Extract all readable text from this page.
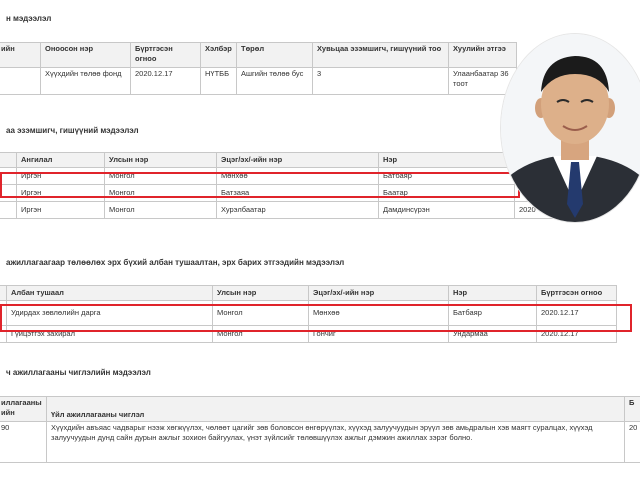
н мэдээлэл
ийн	Оноосон нэр	Бүртгэсэн огноо	Хэлбэр	Төрөл	Хувьцаа эзэмшигч, гишүүний тоо	Хуулийн этгээ
	Хүүхдийн төлөө фонд	2020.12.17	НҮТББ	Ашгийн төлөө бус	3	Улаанбаатар 36 тоот
аа эзэмшигч, гишүүний мэдээлэл
	Ангилал	Улсын нэр	Эцэг/эх/-ийн нэр	Нэр	
	Иргэн	Монгол	Мөнхөө	Батбаяр	
	Иргэн	Монгол	Батзаяа	Баатар	
	Иргэн	Монгол	Хурэлбаатар	Дамдинсүрэн	2020
ажиллагаагаар төлөөлөх эрх бүхий албан тушаалтан, эрх барих этгээдийн мэдээлэл
	Албан тушаал	Улсын нэр	Эцэг/эх/-ийн нэр	Нэр	Бүртгэсэн огноо
	Удирдах зөвлөлийн дарга	Монгол	Мөнхөө	Батбаяр	2020.12.17
	Гүйцэтгэх захирал	Монгол	Гончиг	Ундармаа	2020.12.17
ч ажиллагааны чиглэлийн мэдээлэл
иллагааны ийн	Үйл ажиллагааны чиглэл	Б
90	Хүүхдийн авъяас чадварыг нээж хөгжүүлэх, чөлөөт цагийг зөв боловсон өнгөрүүлэх, хүүхэд залуучуудын эрүүл зөв амьдралын хэв маягт суралцах, хүүхэд залуучуудын дунд сайн дурын ажлыг зохион байгуулах, үнэт зүйлсийг төлөвшүүлэх ажлыг дэмжин ажиллах зэрэг болно.	20
